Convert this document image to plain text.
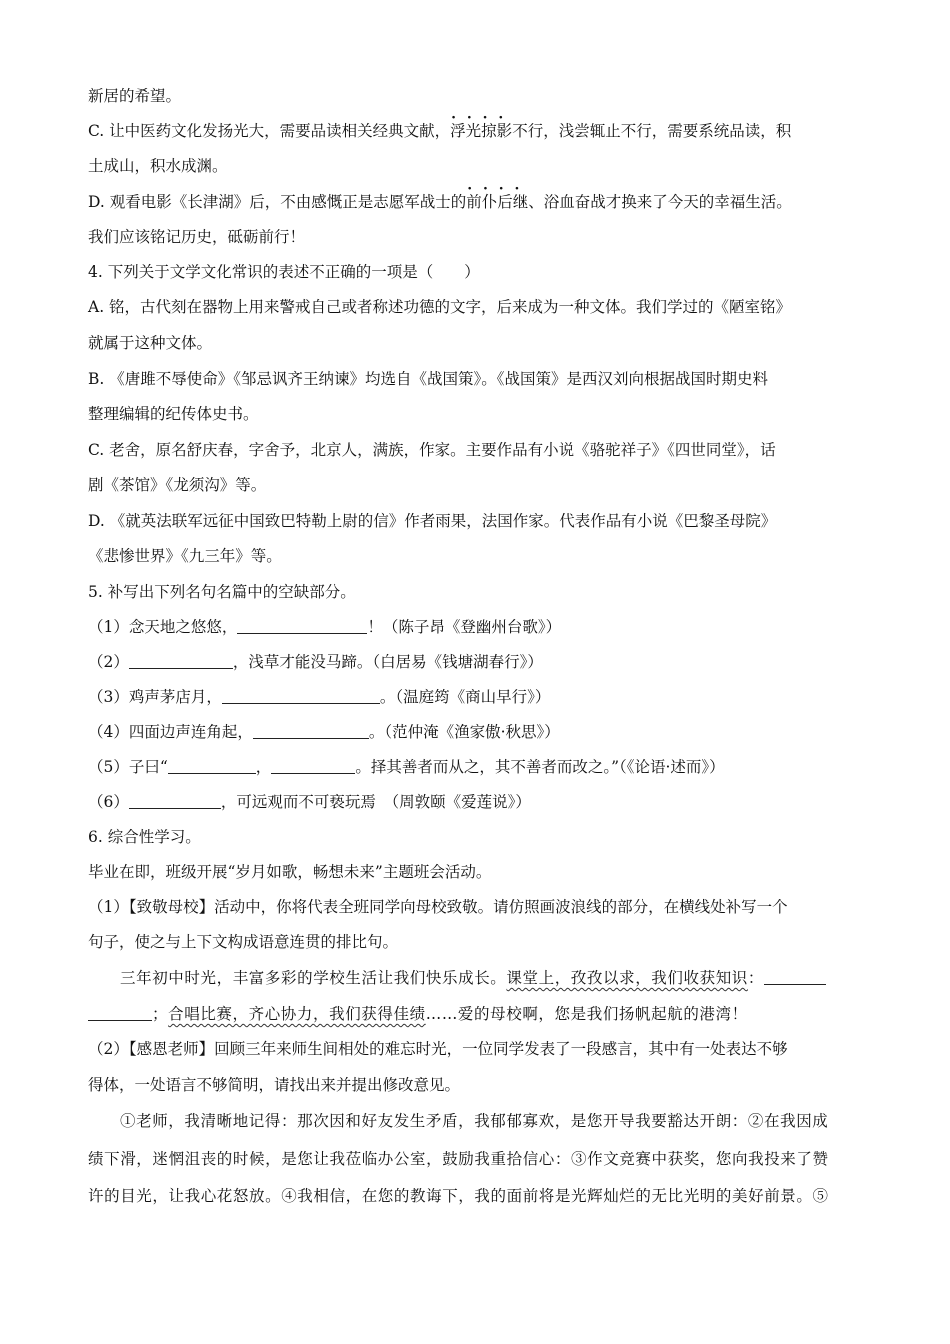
新居的希望。
C. 让中医药文化发扬光大，需要品读相关经典文献，· · · · 浮光掠影不行，浅尝辄止不行，需要系统品读，积
土成山，积水成渊。
D. 观看电影《长津湖》后，不由感慨正是志愿军战士的· · · · 前仆后继、浴血奋战才换来了今天的幸福生活。
我们应该铭记历史，砥砺前行！
4. 下列关于文学文化常识的表述不正确的一项是（　　）
A. 铭，古代刻在器物上用来警戒自己或者称述功德的文字，后来成为一种文体。我们学过的《陋室铭》
就属于这种文体。
B. 《唐雎不辱使命》《邹忌讽齐王纳谏》均选自《战国策》。《战国策》是西汉刘向根据战国时期史料
整理编辑的纪传体史书。
C. 老舍，原名舒庆春，字舍予，北京人，满族，作家。主要作品有小说《骆驼祥子》《四世同堂》，话
剧《茶馆》《龙须沟》等。
D. 《就英法联军远征中国致巴特勒上尉的信》作者雨果，法国作家。代表作品有小说《巴黎圣母院》
《悲惨世界》《九三年》等。
5. 补写出下列名句名篇中的空缺部分。
（1）念天地之悠悠，	！（陈子昂《登幽州台歌》）
（2）	，浅草才能没马蹄。（白居易《钱塘湖春行》）
（3）鸡声茅店月，	。（温庭筠《商山早行》）
（4）四面边声连角起，	。（范仲淹《渔家傲·秋思》）
（5）子曰“	，	。择其善者而从之，其不善者而改之。”（《论语·述而》）
（6）	，可远观而不可亵玩焉　（周敦颐《爱莲说》）
6. 综合性学习。
毕业在即，班级开展“岁月如歌，畅想未来”主题班会活动。
（1）【致敬母校】活动中，你将代表全班同学向母校致敬。请仿照画波浪线的部分，在横线处补写一个
句子，使之与上下文构成语意连贯的排比句。
三年初中时光，丰富多彩的学校生活让我们快乐成长。课堂上，孜孜以求，我们收获知识：
；合唱比赛，齐心协力，我们获得佳绩……爱的母校啊，您是我们扬帆起航的港湾！
（2）【感恩老师】回顾三年来师生间相处的难忘时光，一位同学发表了一段感言，其中有一处表达不够
得体，一处语言不够简明，请找出来并提出修改意见。
①老师，我清晰地记得：那次因和好友发生矛盾，我郁郁寡欢，是您开导我要豁达开朗：②在我因成
绩下滑，迷惘沮丧的时候，是您让我莅临办公室，鼓励我重拾信心：③作文竞赛中获奖，您向我投来了赞
许的目光，让我心花怒放。④我相信，在您的教诲下，我的面前将是光辉灿烂的无比光明的美好前景。⑤
